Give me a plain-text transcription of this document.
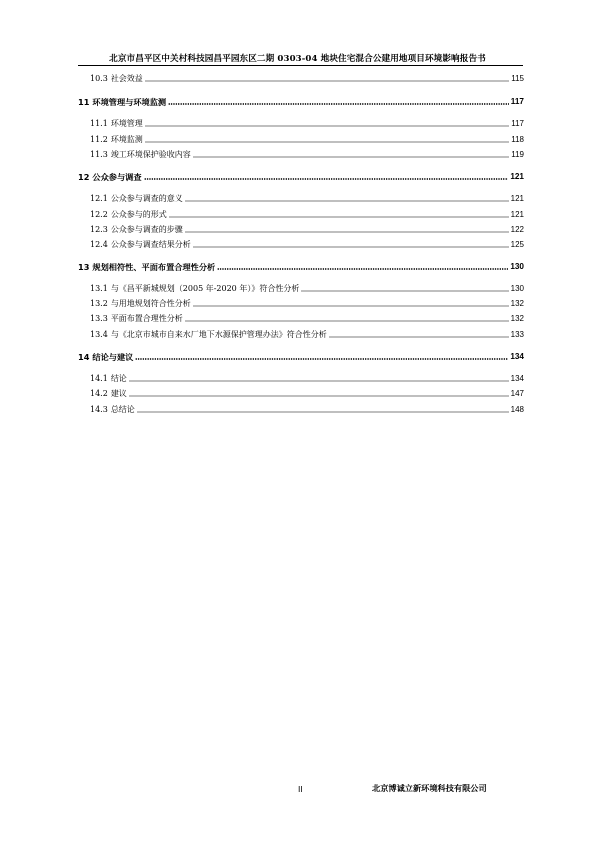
北京市昌平区中关村科技园昌平园东区二期 0303-04 地块住宅混合公建用地项目环境影响报告书
10.3 社会效益	115
11 环境管理与环境监测	117
11.1 环境管理	117
11.2 环境监测	118
11.3 竣工环境保护验收内容	119
12 公众参与调查	121
12.1 公众参与调查的意义	121
12.2 公众参与的形式	121
12.3 公众参与调查的步骤	122
12.4 公众参与调查结果分析	125
13 规划相符性、平面布置合理性分析	130
13.1 与《昌平新城规划（2005 年-2020 年）》符合性分析	130
13.2 与用地规划符合性分析	132
13.3 平面布置合理性分析	132
13.4 与《北京市城市自来水厂地下水源保护管理办法》符合性分析	133
14 结论与建议	134
14.1 结论	134
14.2 建议	147
14.3 总结论	148
II	北京博诚立新环境科技有限公司
